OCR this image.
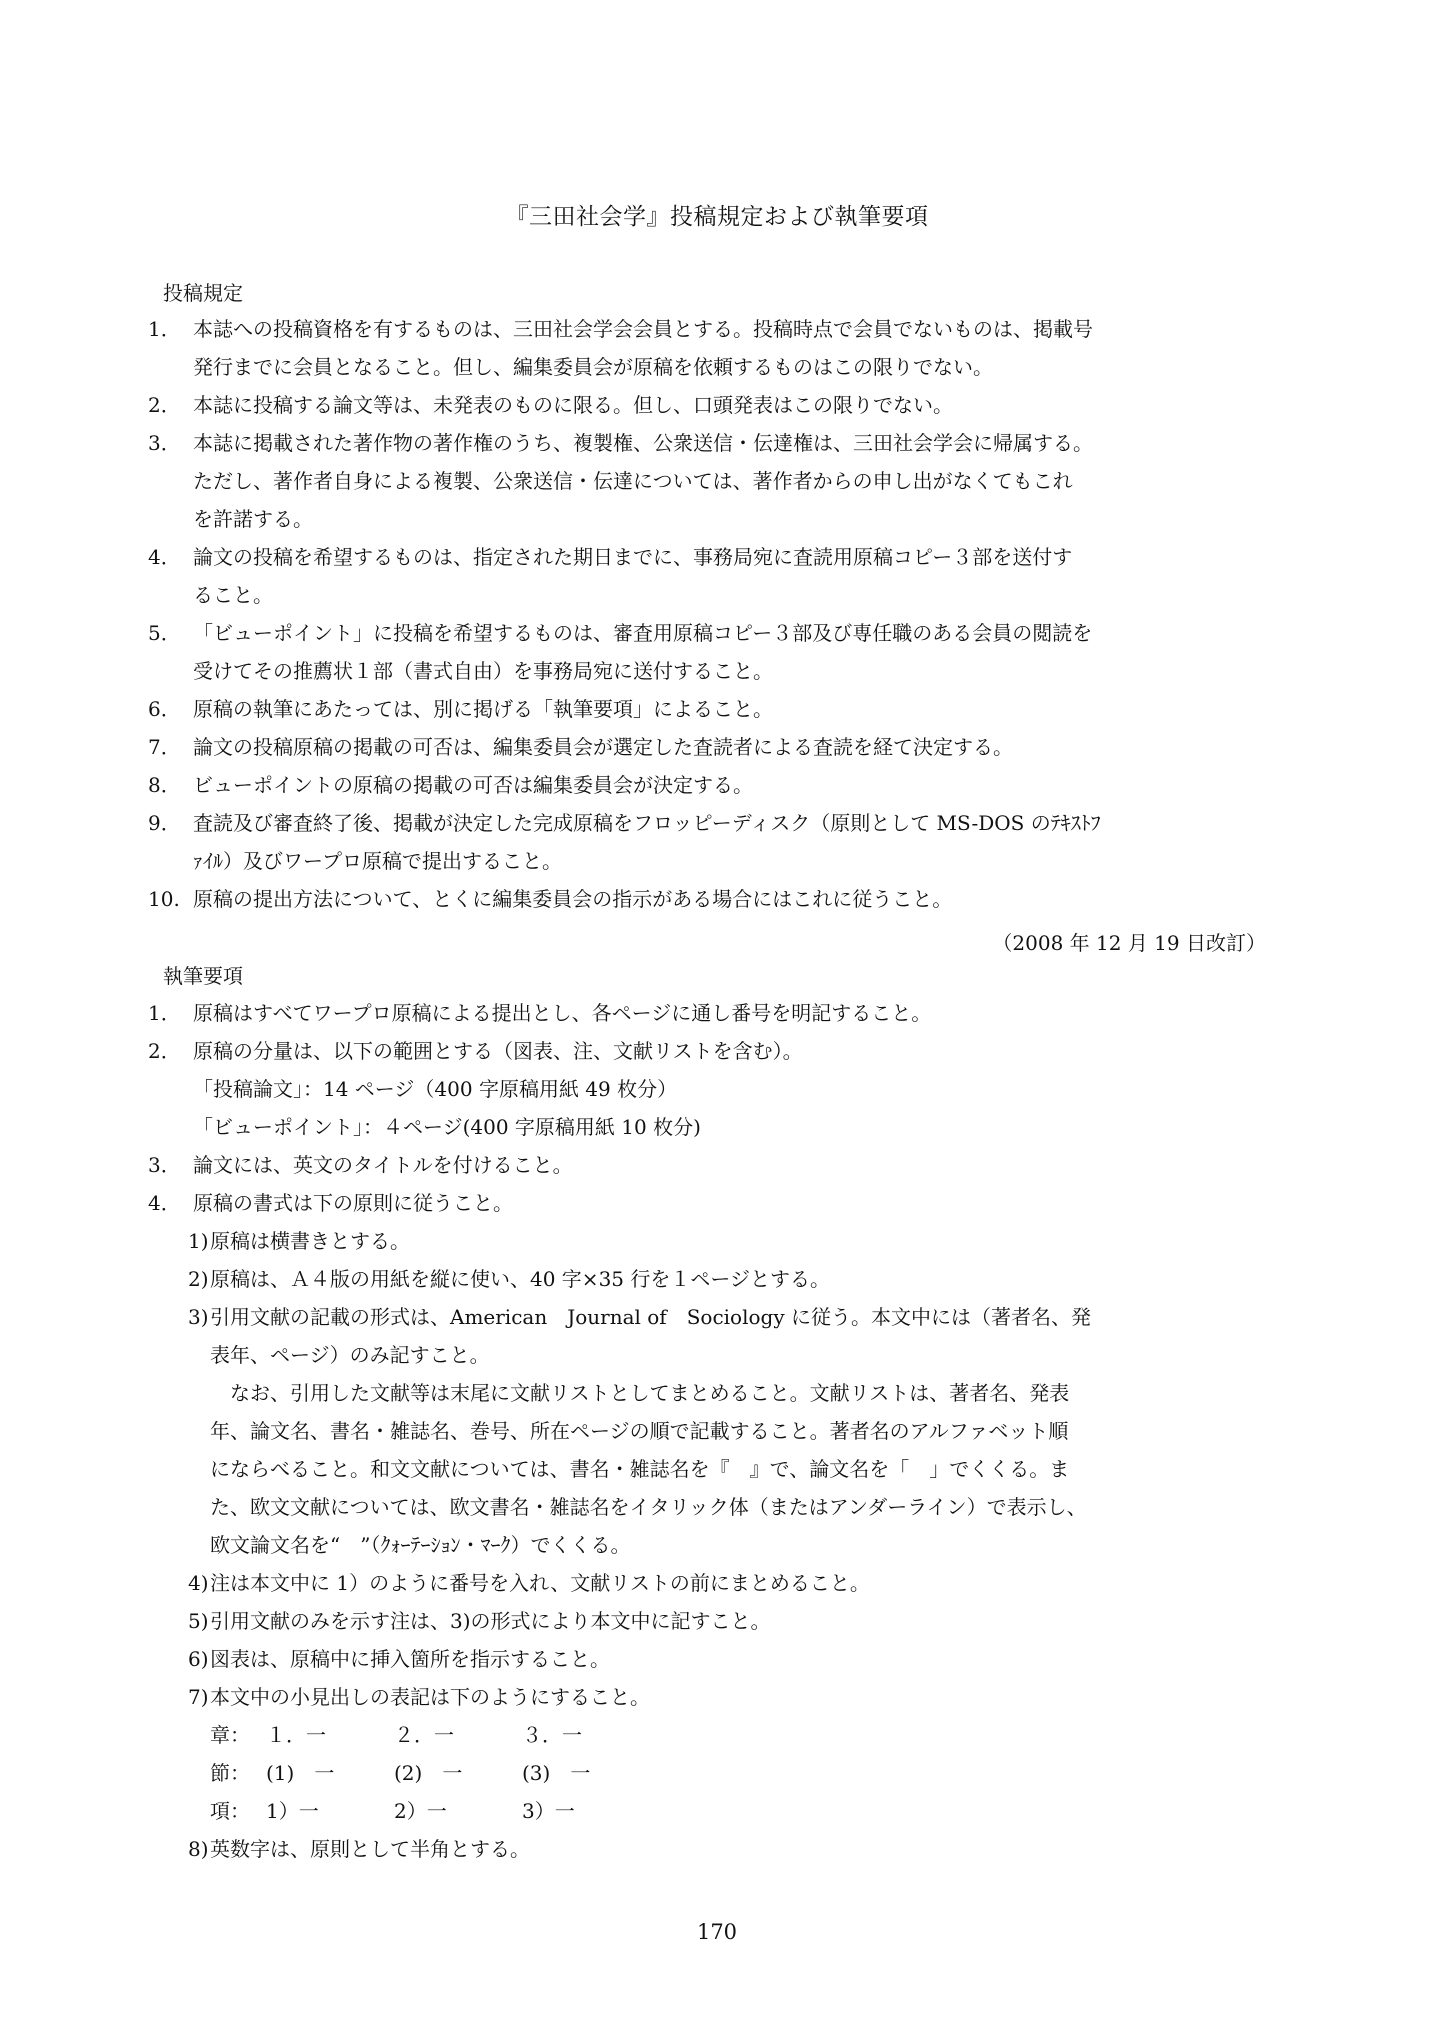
『三田社会学』投稿規定および執筆要項
投稿規定
1． 本誌への投稿資格を有するものは、三田社会学会会員とする。投稿時点で会員でないものは、掲載号
発行までに会員となること。但し、編集委員会が原稿を依頼するものはこの限りでない。
2． 本誌に投稿する論文等は、未発表のものに限る。但し、口頭発表はこの限りでない。
3． 本誌に掲載された著作物の著作権のうち、複製権、公衆送信・伝達権は、三田社会学会に帰属する。
ただし、著作者自身による複製、公衆送信・伝達については、著作者からの申し出がなくてもこれ
を許諾する。
4． 論文の投稿を希望するものは、指定された期日までに、事務局宛に査読用原稿コピー３部を送付す
ること。
5． 「ビューポイント」に投稿を希望するものは、審査用原稿コピー３部及び専任職のある会員の閲読を
受けてその推薦状１部（書式自由）を事務局宛に送付すること。
6． 原稿の執筆にあたっては、別に掲げる「執筆要項」によること。
7． 論文の投稿原稿の掲載の可否は、編集委員会が選定した査読者による査読を経て決定する。
8． ビューポイントの原稿の掲載の可否は編集委員会が決定する。
9． 査読及び審査終了後、掲載が決定した完成原稿をフロッピーディスク（原則として MS-DOS のﾃｷｽﾄﾌ
ｧｲﾙ）及びワープロ原稿で提出すること。
10. 原稿の提出方法について、とくに編集委員会の指示がある場合にはこれに従うこと。
（2008 年 12 月 19 日改訂）
執筆要項
1． 原稿はすべてワープロ原稿による提出とし、各ページに通し番号を明記すること。
2． 原稿の分量は、以下の範囲とする（図表、注、文献リストを含む）。
「投稿論文」：14 ページ（400 字原稿用紙 49 枚分）
「ビューポイント」：４ページ(400 字原稿用紙 10 枚分)
3． 論文には、英文のタイトルを付けること。
4． 原稿の書式は下の原則に従うこと。
1) 原稿は横書きとする。
2) 原稿は、Ａ４版の用紙を縦に使い、40 字×35 行を１ページとする。
3) 引用文献の記載の形式は、American　Journal of　Sociology に従う。本文中には（著者名、発
表年、ページ）のみ記すこと。
　なお、引用した文献等は末尾に文献リストとしてまとめること。文献リストは、著者名、発表
年、論文名、書名・雑誌名、巻号、所在ページの順で記載すること。著者名のアルファベット順
にならべること。和文文献については、書名・雑誌名を『　』で、論文名を「　」でくくる。ま
た、欧文文献については、欧文書名・雑誌名をイタリック体（またはアンダーライン）で表示し、
欧文論文名を“　”（ｸｫｰﾃｰｼｮﾝ・ﾏｰｸ）でくくる。
4) 注は本文中に 1）のように番号を入れ、文献リストの前にまとめること。
5) 引用文献のみを示す注は、3)の形式により本文中に記すこと。
6) 図表は、原稿中に挿入箇所を指示すること。
7) 本文中の小見出しの表記は下のようにすること。
章： １．一	２．一	３．一
節： (1)　一	(2)　一	(3)　一
項： 1）一	2）一	3）一
8) 英数字は、原則として半角とする。
170
